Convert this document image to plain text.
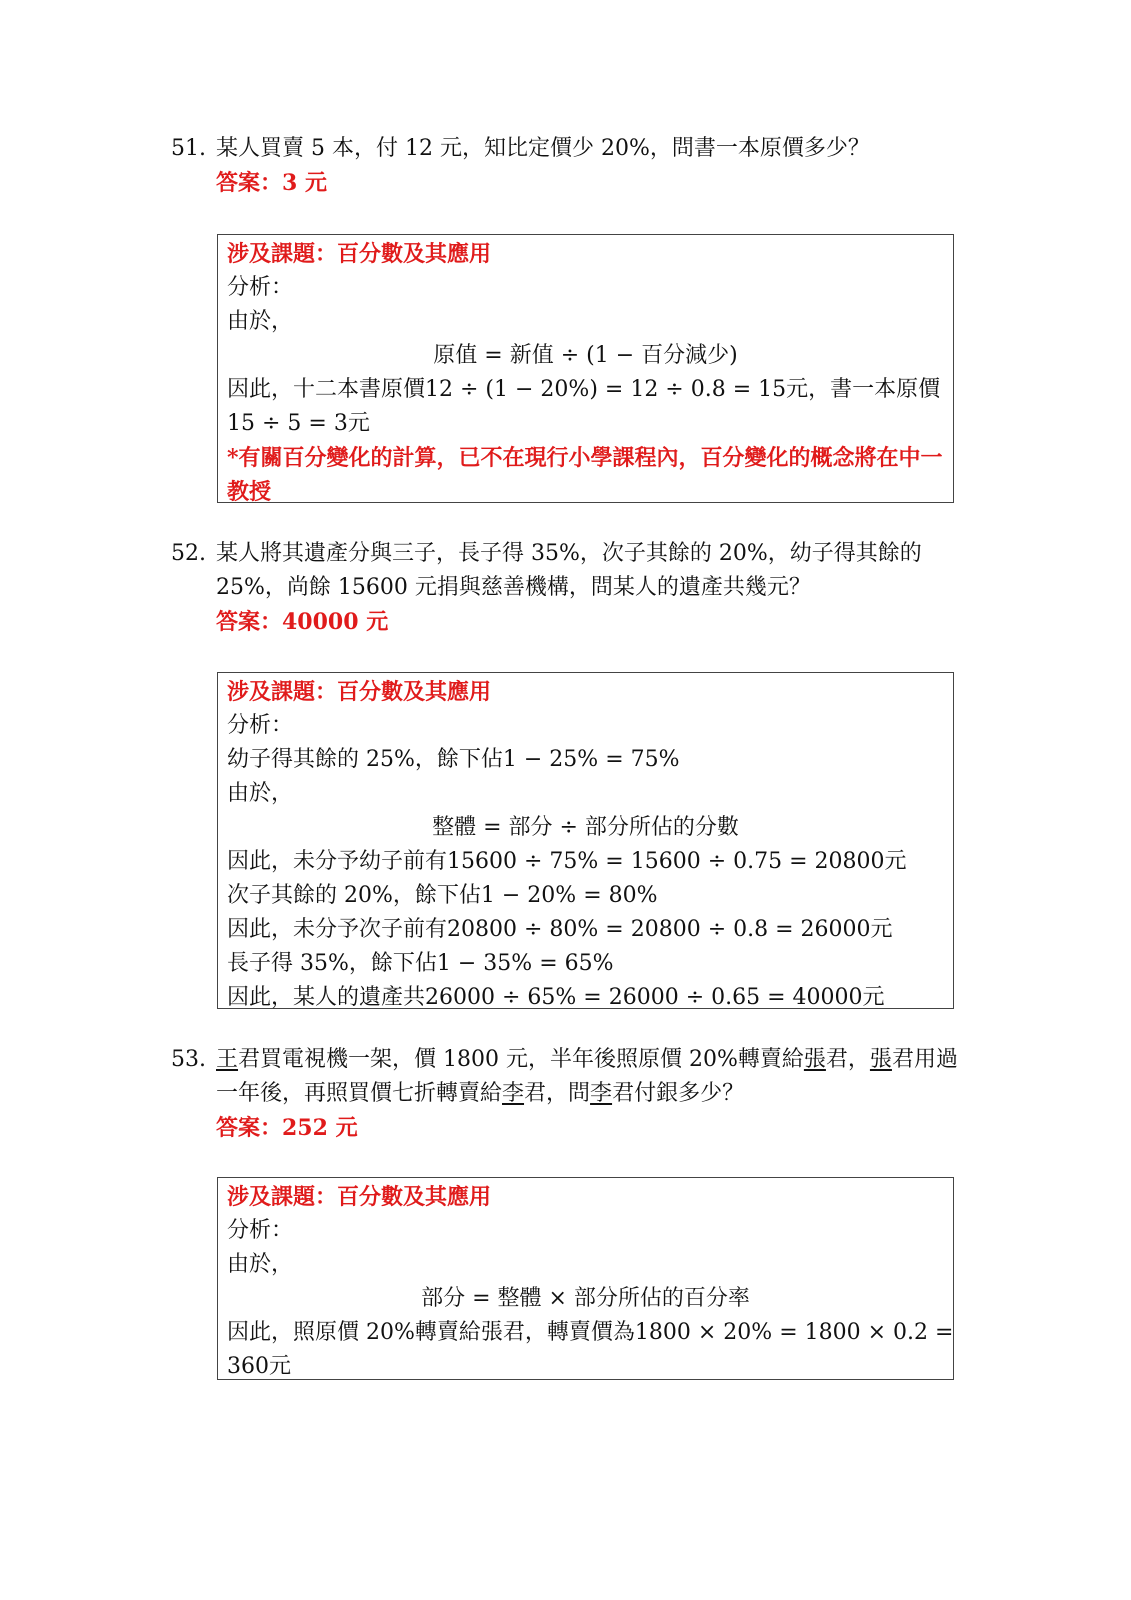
51. 某人買賣 5 本，付 12 元，知比定價少 20%，問書一本原價多少？
答案：3 元
涉及課題：百分數及其應用
分析：
由於，
原值 = 新值 ÷ (1 − 百分減少)
因此，十二本書原價12 ÷ (1 − 20%) = 12 ÷ 0.8 = 15元，書一本原價
15 ÷ 5 = 3元
*有關百分變化的計算，已不在現行小學課程內，百分變化的概念將在中一教授
52. 某人將其遺產分與三子，長子得 35%，次子其餘的 20%，幼子得其餘的
25%，尚餘 15600 元捐與慈善機構，問某人的遺產共幾元？
答案：40000 元
涉及課題：百分數及其應用
分析：
幼子得其餘的 25%，餘下佔1 − 25% = 75%
由於，
整體 = 部分 ÷ 部分所佔的分數
因此，未分予幼子前有15600 ÷ 75% = 15600 ÷ 0.75 = 20800元
次子其餘的 20%，餘下佔1 − 20% = 80%
因此，未分予次子前有20800 ÷ 80% = 20800 ÷ 0.8 = 26000元
長子得 35%，餘下佔1 − 35% = 65%
因此，某人的遺產共26000 ÷ 65% = 26000 ÷ 0.65 = 40000元
53. 王君買電視機一架，價 1800 元，半年後照原價 20%轉賣給張君，張君用過
一年後，再照買價七折轉賣給李君，問李君付銀多少？
答案：252 元
涉及課題：百分數及其應用
分析：
由於，
部分 = 整體 × 部分所佔的百分率
因此，照原價 20%轉賣給張君，轉賣價為1800 × 20% = 1800 × 0.2 =
360元
